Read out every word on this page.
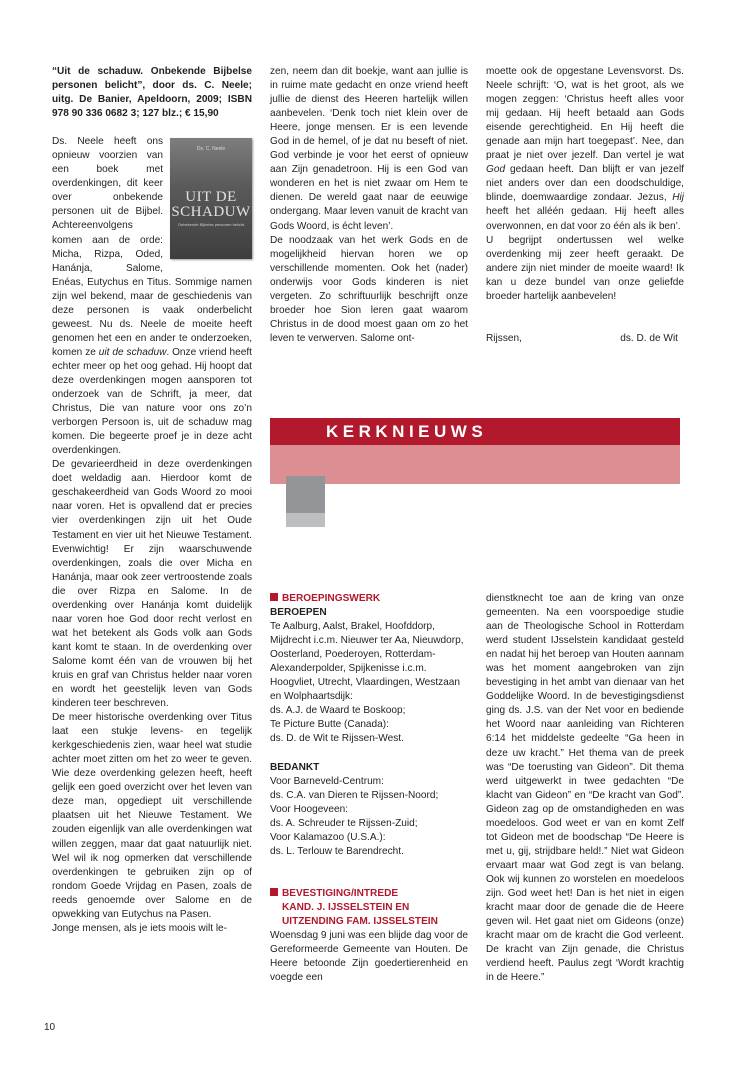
“Uit de schaduw. Onbekende Bijbelse personen belicht”, door ds. C. Neele; uitg. De Banier, Apeldoorn, 2009; ISBN 978 90 336 0682 3; 127 blz.; € 15,90

Ds. C. Neele
UIT DE
SCHADUW
Onbekende Bijbelse personen belicht

Ds. Neele heeft ons opnieuw voorzien van een boek met overdenkingen, dit keer over onbekende personen uit de Bijbel. Achtereenvolgens komen aan de orde: Micha, Rizpa, Oded, Hanánja, Salome, Enéas, Eutychus en Titus. Sommige namen zijn wel bekend, maar de geschiedenis van deze personen is vaak onderbelicht geweest. Nu ds. Neele de moeite heeft genomen het een en ander te onderzoeken, komen ze uit de schaduw. Onze vriend heeft echter meer op het oog gehad. Hij hoopt dat deze overdenkingen mogen aansporen tot onderzoek van de Schrift, ja meer, dat Christus, Die van nature voor ons zo’n verborgen Persoon is, uit de schaduw mag komen. Die begeerte proef je in deze acht overdenkingen.

De gevarieerdheid in deze overdenkingen doet weldadig aan. Hierdoor komt de geschakeerdheid van Gods Woord zo mooi naar voren. Het is opvallend dat er precies vier overdenkingen zijn uit het Oude Testament en vier uit het Nieuwe Testament. Evenwichtig! Er zijn waarschuwende overdenkingen, zoals die over Micha en Hanánja, maar ook zeer vertroostende zoals die over Rizpa en Salome. In de overdenking over Hanánja komt duidelijk naar voren hoe God door recht verlost en wat het betekent als Gods volk aan Gods kant komt te staan. In de overdenking over Salome komt één van de vrouwen bij het kruis en graf van Christus helder naar voren en wordt het geestelijk leven van Gods kinderen teer beschreven.

De meer historische overdenking over Titus laat een stukje levens- en tegelijk kerkgeschiedenis zien, waar heel wat studie achter moet zitten om het zo weer te geven. Wie deze overdenking gelezen heeft, heeft gelijk een goed overzicht over het leven van deze man, opgediept uit verschillende plaatsen uit het Nieuwe Testament. We zouden eigenlijk van alle overdenkingen wat willen zeggen, maar dat gaat natuurlijk niet. Wel wil ik nog opmerken dat verschillende overdenkingen te gebruiken zijn op of rondom Goede Vrijdag en Pasen, zoals de reeds genoemde over Salome en de opwekking van Eutychus na Pasen.

Jonge mensen, als je iets moois wilt le-

zen, neem dan dit boekje, want aan jullie is in ruime mate gedacht en onze vriend heeft jullie de dienst des Heeren hartelijk willen aanbevelen. ‘Denk toch niet klein over de Heere, jonge mensen. Er is een levende God in de hemel, of je dat nu beseft of niet. God verbinde je voor het eerst of opnieuw aan Zijn genadetroon. Hij is een God van wonderen en het is niet zwaar om Hem te dienen. De wereld gaat naar de eeuwige ondergang. Maar leven vanuit de kracht van Gods Woord, is écht leven’.

De noodzaak van het werk Gods en de mogelijkheid hiervan horen we op verschillende momenten. Ook het (nader) onderwijs voor Gods kinderen is niet vergeten. Zo schriftuurlijk beschrijft onze broeder hoe Sion leren gaat waarom Christus in de dood moest gaan om zo het leven te verwerven. Salome ont-

moette ook de opgestane Levensvorst. Ds. Neele schrijft: ‘O, wat is het groot, als we mogen zeggen: ‘Christus heeft alles voor mij gedaan. Hij heeft betaald aan Gods eisende gerechtigheid. En Hij heeft die genade aan mijn hart toegepast’. Nee, dan praat je niet over jezelf. Dan vertel je wat God gedaan heeft. Dan blijft er van jezelf niet anders over dan een doodschuldige, blinde, doemwaardige zondaar. Jezus, Hij heeft het alléén gedaan. Hij heeft alles overwonnen, en dat voor zo één als ik ben’.

U begrijpt ondertussen wel welke overdenking mij zeer heeft geraakt. De andere zijn niet minder de moeite waard! Ik kan u deze bundel van onze geliefde broeder hartelijk aanbevelen!

Rijssen,	ds. D. de Wit
KERKNIEUWS

BEROEPINGSWERK

BEROEPEN

Te Aalburg, Aalst, Brakel, Hoofddorp, Mijdrecht i.c.m. Nieuwer ter Aa, Nieuwdorp, Oosterland, Poederoyen, Rotterdam-Alexanderpolder, Spijkenisse i.c.m. Hoogvliet, Utrecht, Vlaardingen, Westzaan en Wolphaartsdijk:

ds. A.J. de Waard te Boskoop;

Te Picture Butte (Canada):

ds. D. de Wit te Rijssen-West.

BEDANKT

Voor Barneveld-Centrum:

ds. C.A. van Dieren te Rijssen-Noord;

Voor Hoogeveen:

ds. A. Schreuder te Rijssen-Zuid;

Voor Kalamazoo (U.S.A.):

ds. L. Terlouw te Barendrecht.

BEVESTIGING/INTREDE

KAND. J. IJSSELSTEIN EN

UITZENDING FAM. IJSSELSTEIN

Woensdag 9 juni was een blijde dag voor de Gereformeerde Gemeente van Houten. De Heere betoonde Zijn goedertierenheid en voegde een

dienstknecht toe aan de kring van onze gemeenten. Na een voorspoedige studie aan de Theologische School in Rotterdam werd student IJsselstein kandidaat gesteld en nadat hij het beroep van Houten aannam was het moment aangebroken van zijn bevestiging in het ambt van dienaar van het Goddelijke Woord. In de bevestigingsdienst ging ds. J.S. van der Net voor en bediende het Woord naar aanleiding van Richteren 6:14 het middelste gedeelte “Ga heen in deze uw kracht.” Het thema van de preek was “De toerusting van Gideon”. Dit thema werd uitgewerkt in twee gedachten “De klacht van Gideon” en “De kracht van God”. Gideon zag op de omstandigheden en was moedeloos. God weet er van en komt Zelf tot Gideon met de boodschap “De Heere is met u, gij, strijdbare held!.” Niet wat Gideon ervaart maar wat God zegt is van belang. Ook wij kunnen zo worstelen en moedeloos zijn. God weet het! Dan is het niet in eigen kracht maar door de genade die de Heere geven wil. Het gaat niet om Gideons (onze) kracht maar om de kracht die God verleent. De kracht van Zijn genade, die Christus verdiend heeft. Paulus zegt ‘Wordt krachtig in de Heere.”

10
